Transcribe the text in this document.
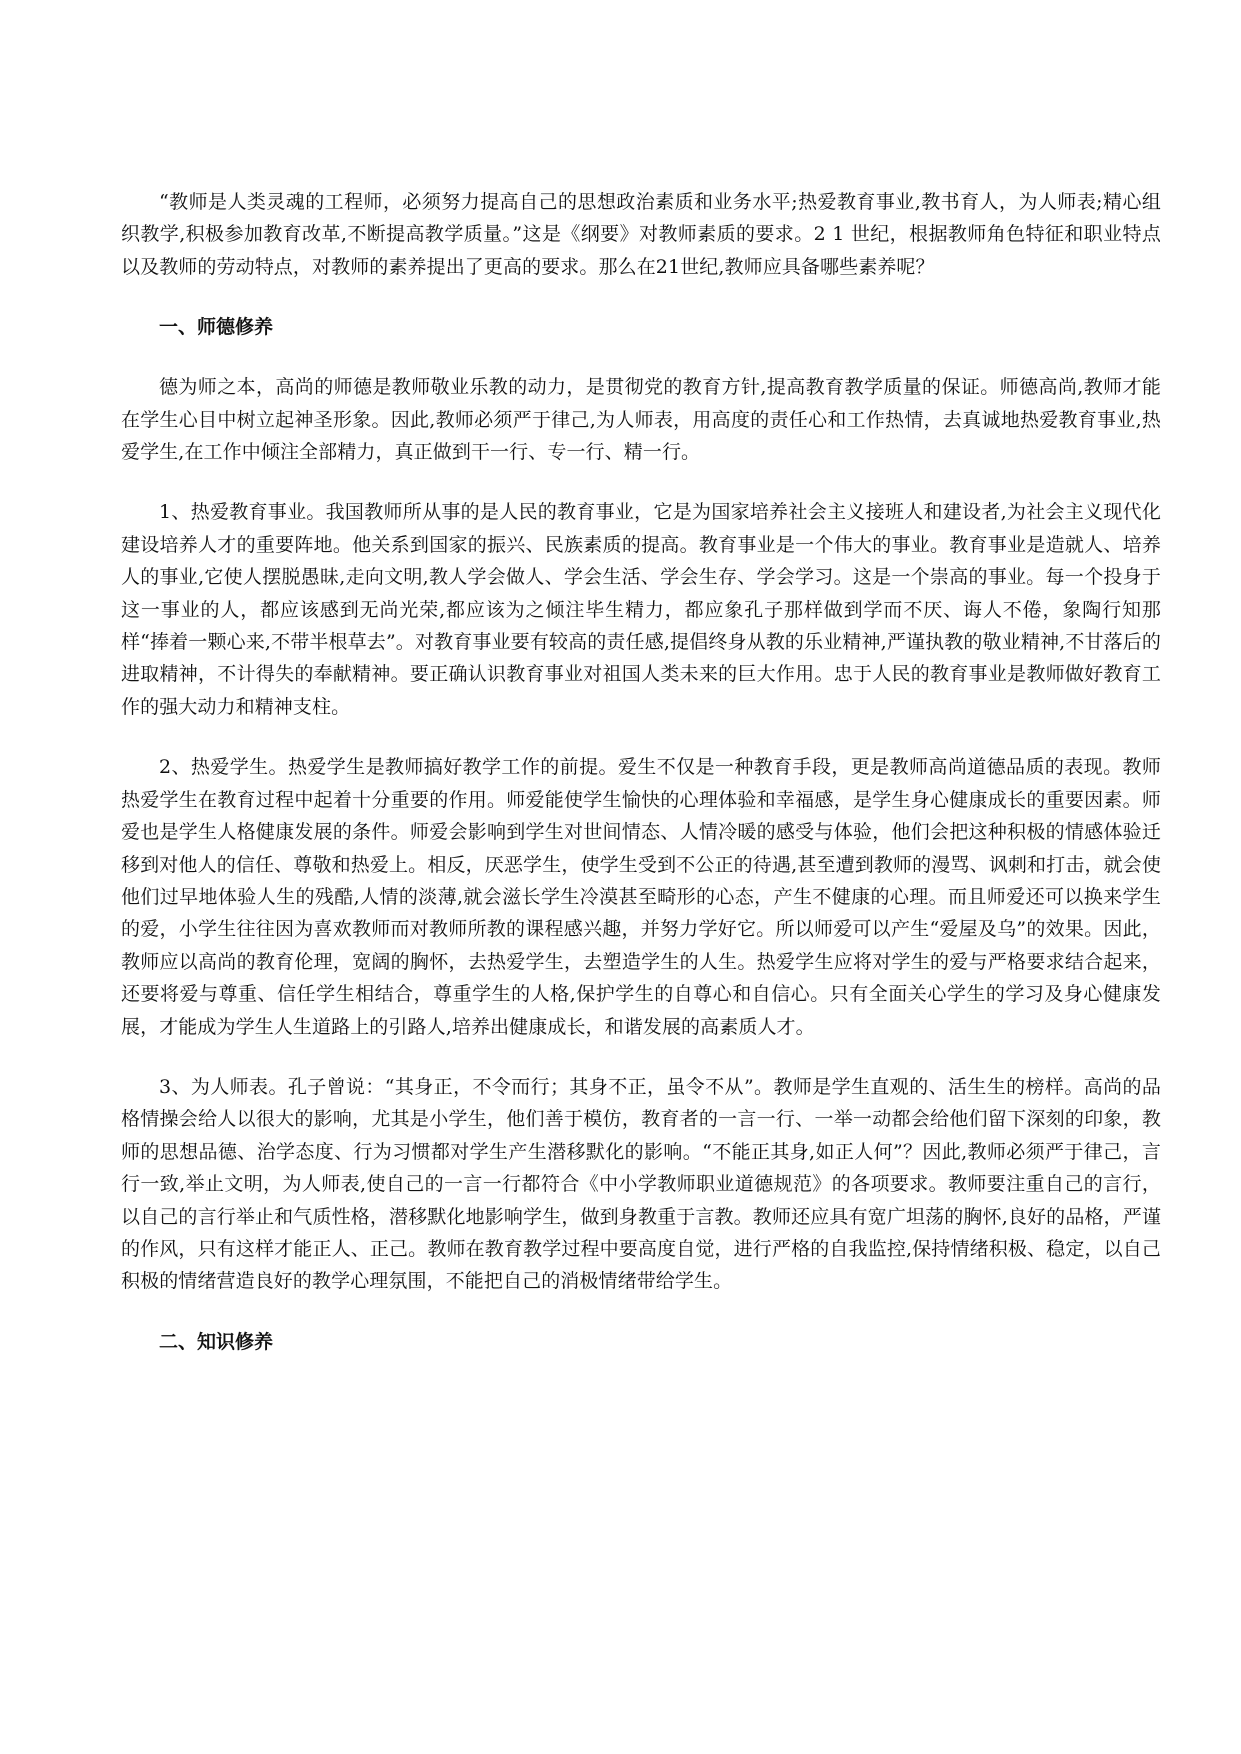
“教师是人类灵魂的工程师，必须努力提高自己的思想政治素质和业务水平;热爱教育事业,教书育人，为人师表;精心组织教学,积极参加教育改革,不断提高教学质量。”这是《纲要》对教师素质的要求。2 1 世纪，根据教师角色特征和职业特点以及教师的劳动特点，对教师的素养提出了更高的要求。那么在21世纪,教师应具备哪些素养呢？

一、师德修养

德为师之本，高尚的师德是教师敬业乐教的动力，是贯彻党的教育方针,提高教育教学质量的保证。师德高尚,教师才能在学生心目中树立起神圣形象。因此,教师必须严于律己,为人师表，用高度的责任心和工作热情，去真诚地热爱教育事业,热爱学生,在工作中倾注全部精力，真正做到干一行、专一行、精一行。

1、热爱教育事业。我国教师所从事的是人民的教育事业，它是为国家培养社会主义接班人和建设者,为社会主义现代化建设培养人才的重要阵地。他关系到国家的振兴、民族素质的提高。教育事业是一个伟大的事业。教育事业是造就人、培养人的事业,它使人摆脱愚昧,走向文明,教人学会做人、学会生活、学会生存、学会学习。这是一个崇高的事业。每一个投身于这一事业的人，都应该感到无尚光荣,都应该为之倾注毕生精力，都应象孔子那样做到学而不厌、诲人不倦，象陶行知那样“捧着一颗心来,不带半根草去”。对教育事业要有较高的责任感,提倡终身从教的乐业精神,严谨执教的敬业精神,不甘落后的进取精神，不计得失的奉献精神。要正确认识教育事业对祖国人类未来的巨大作用。忠于人民的教育事业是教师做好教育工作的强大动力和精神支柱。

2、热爱学生。热爱学生是教师搞好教学工作的前提。爱生不仅是一种教育手段，更是教师高尚道德品质的表现。教师热爱学生在教育过程中起着十分重要的作用。师爱能使学生愉快的心理体验和幸福感，是学生身心健康成长的重要因素。师爱也是学生人格健康发展的条件。师爱会影响到学生对世间情态、人情冷暖的感受与体验，他们会把这种积极的情感体验迁移到对他人的信任、尊敬和热爱上。相反，厌恶学生，使学生受到不公正的待遇,甚至遭到教师的漫骂、讽刺和打击，就会使他们过早地体验人生的残酷,人情的淡薄,就会滋长学生冷漠甚至畸形的心态，产生不健康的心理。而且师爱还可以换来学生的爱，小学生往往因为喜欢教师而对教师所教的课程感兴趣，并努力学好它。所以师爱可以产生“爱屋及乌”的效果。因此，教师应以高尚的教育伦理，宽阔的胸怀，去热爱学生，去塑造学生的人生。热爱学生应将对学生的爱与严格要求结合起来，还要将爱与尊重、信任学生相结合，尊重学生的人格,保护学生的自尊心和自信心。只有全面关心学生的学习及身心健康发展，才能成为学生人生道路上的引路人,培养出健康成长，和谐发展的高素质人才。

3、为人师表。孔子曾说：“其身正，不令而行；其身不正，虽令不从”。教师是学生直观的、活生生的榜样。高尚的品格情操会给人以很大的影响，尤其是小学生，他们善于模仿，教育者的一言一行、一举一动都会给他们留下深刻的印象，教师的思想品德、治学态度、行为习惯都对学生产生潜移默化的影响。“不能正其身,如正人何”？因此,教师必须严于律己，言行一致,举止文明，为人师表,使自己的一言一行都符合《中小学教师职业道德规范》的各项要求。教师要注重自己的言行，以自己的言行举止和气质性格，潜移默化地影响学生，做到身教重于言教。教师还应具有宽广坦荡的胸怀,良好的品格，严谨的作风，只有这样才能正人、正己。教师在教育教学过程中要高度自觉，进行严格的自我监控,保持情绪积极、稳定，以自己积极的情绪营造良好的教学心理氛围，不能把自己的消极情绪带给学生。

二、知识修养
